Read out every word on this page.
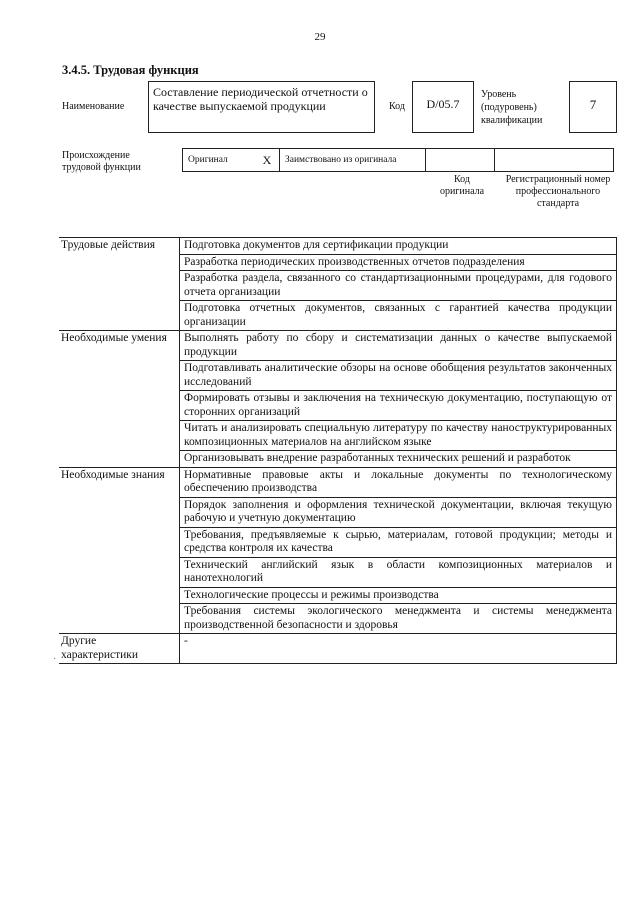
29
3.4.5. Трудовая функция
Наименование
Составление периодической отчетности о качестве выпускаемой продукции	Код	D/05.7
Уровень (подуровень) квалификации
7
Происхождение трудовой функции
Оригинал	X	Заимствовано из оригинала		
Код оригинала
Регистрационный номер профессионального стандарта
Трудовые действия	Подготовка документов для сертификации продукции
	Разработка периодических производственных отчетов подразделения
	Разработка раздела, связанного со стандартизационными процедурами, для годового отчета организации
	Подготовка отчетных документов, связанных с гарантией качества продукции организации
Необходимые умения	Выполнять работу по сбору и систематизации данных о качестве выпускаемой продукции
	Подготавливать аналитические обзоры на основе обобщения результатов законченных исследований
	Формировать отзывы и заключения на техническую документацию, поступающую от сторонних организаций
	Читать и анализировать специальную литературу по качеству наноструктурированных композиционных материалов на английском языке
	Организовывать внедрение разработанных технических решений и разработок
Необходимые знания	Нормативные правовые акты и локальные документы по технологическому обеспечению производства
	Порядок заполнения и оформления технической документации, включая текущую рабочую и учетную документацию
	Требования, предъявляемые к сырью, материалам, готовой продукции; методы и средства контроля их качества
	Технический английский язык в области композиционных материалов и нанотехнологий
	Технологические процессы и режимы производства
	Требования системы экологического менеджмента и системы менеджмента производственной безопасности и здоровья
Другие характеристики	-
·
